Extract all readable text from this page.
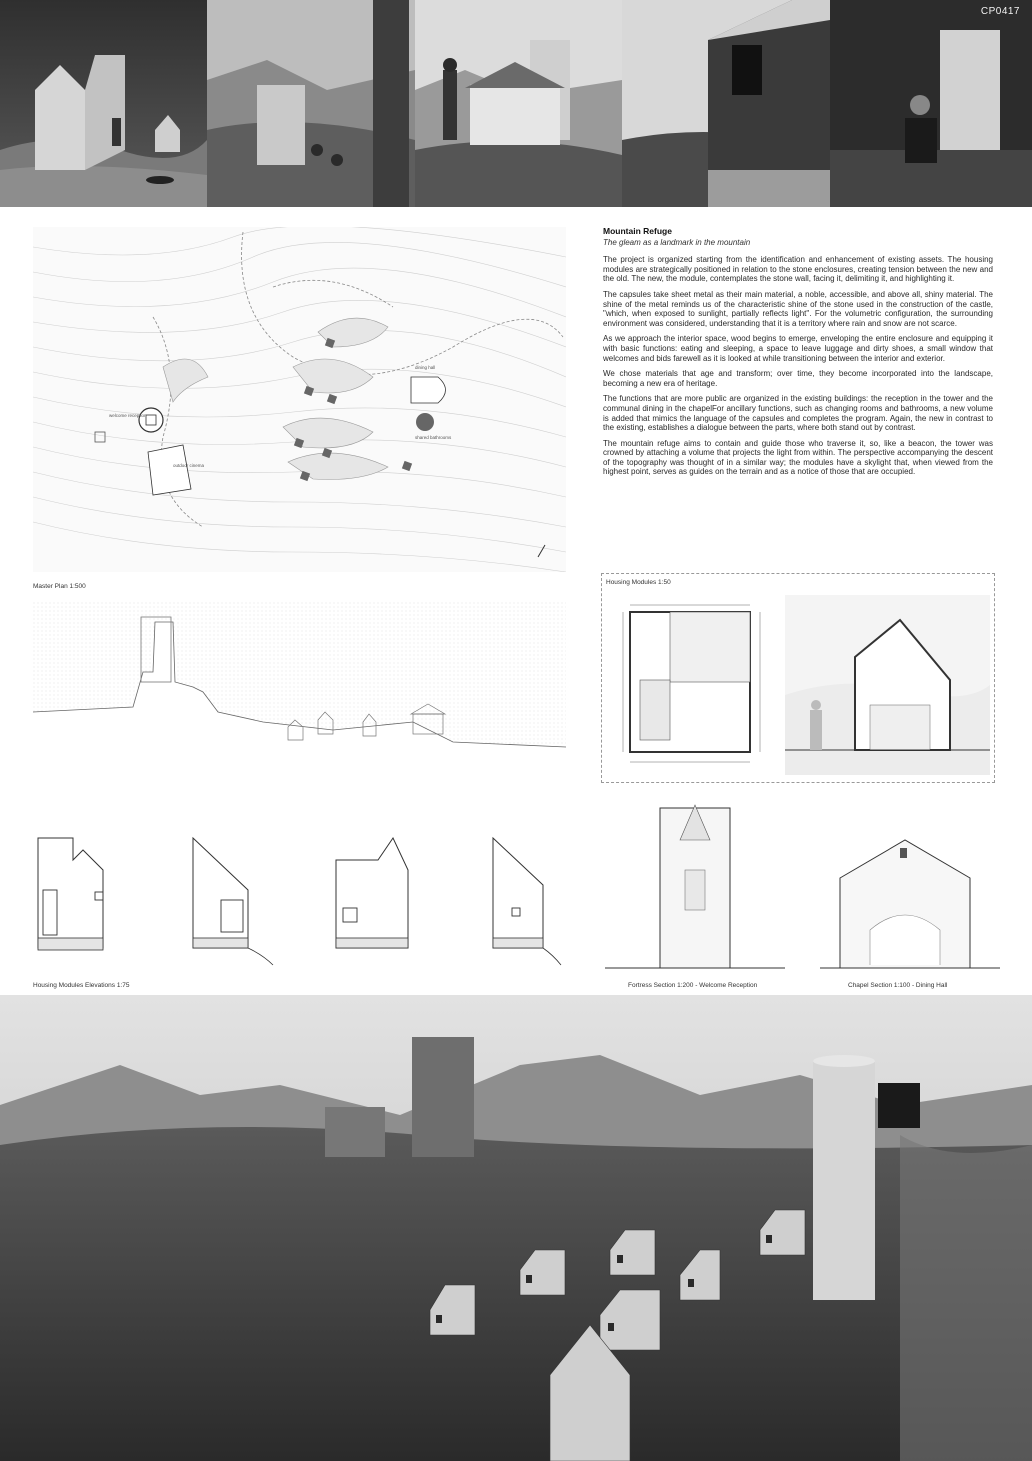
CP0417
welcome reception
outdoor cinema
dining hall
shared bathrooms
Master Plan 1:500
Mountain Refuge
The gleam as a landmark in the mountain

The project is organized starting from the identification and enhancement of existing assets. The housing modules are strategically positioned in relation to the stone enclosures, creating tension between the new and the old. The new, the module, contemplates the stone wall, facing it, delimiting it, and highlighting it.

The capsules take sheet metal as their main material, a noble, accessible, and above all, shiny material. The shine of the metal reminds us of the characteristic shine of the stone used in the construction of the castle, "which, when exposed to sunlight, partially reflects light". For the volumetric configuration, the surrounding environment was considered, understanding that it is a territory where rain and snow are not scarce.

As we approach the interior space, wood begins to emerge, enveloping the entire enclosure and equipping it with basic functions: eating and sleeping, a space to leave luggage and dirty shoes, a small window that welcomes and bids farewell as it is looked at while transitioning between the interior and exterior.

We chose materials that age and transform; over time, they become incorporated into the landscape, becoming a new era of heritage.

The functions that are more public are organized in the existing buildings: the reception in the tower and the communal dining in the chapelFor ancillary functions, such as changing rooms and bathrooms, a new volume is added that mimics the language of the capsules and completes the program. Again, the new in contrast to the existing, establishes a dialogue between the parts, where both stand out by contrast.

The mountain refuge aims to contain and guide those who traverse it, so, like a beacon, the tower was crowned by attaching a volume that projects the light from within. The perspective accompanying the descent of the topography was thought of in a similar way; the modules have a skylight that, when viewed from the highest point, serves as guides on the terrain and as a notice of those that are occupied.

Housing Modules 1:50
Housing Modules Elevations 1:75	Fortress Section 1:200 - Welcome Reception	Chapel Section 1:100 - Dining Hall
